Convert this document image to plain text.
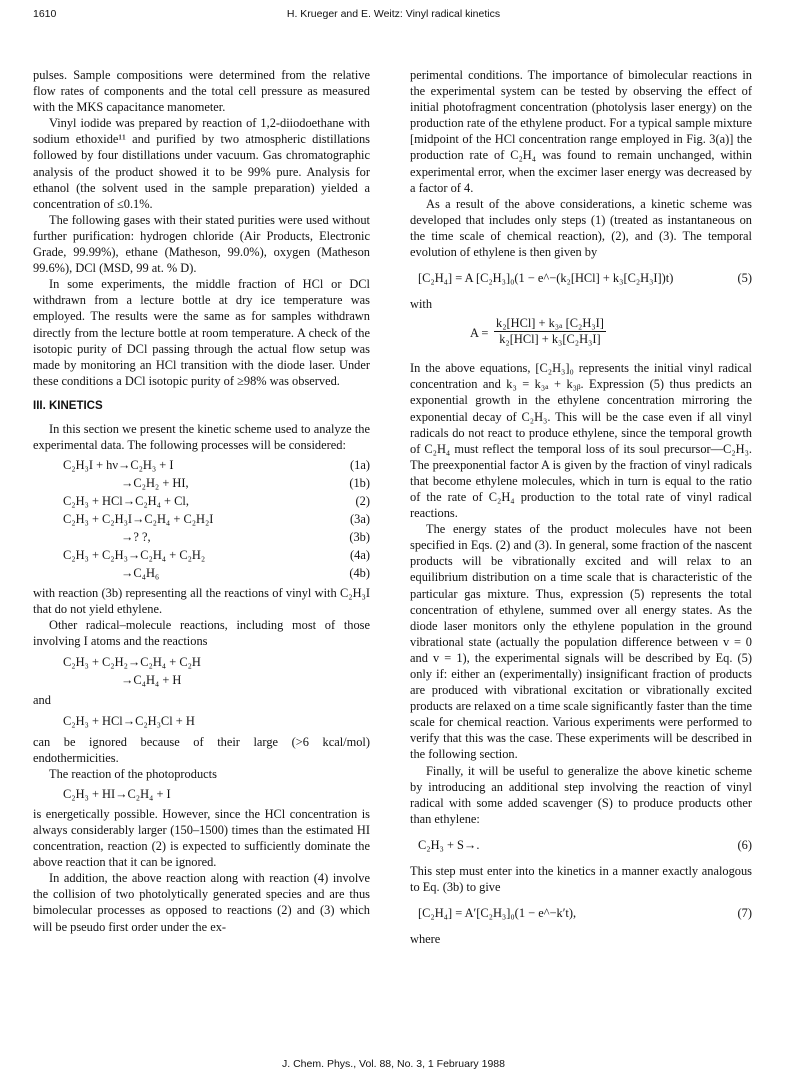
1610	H. Krueger and E. Weitz: Vinyl radical kinetics

pulses. Sample compositions were determined from the relative flow rates of components and the total cell pressure as measured with the MKS capacitance manometer.

Vinyl iodide was prepared by reaction of 1,2-diiodoethane with sodium ethoxide¹¹ and purified by two atmospheric distillations followed by four distillations under vacuum. Gas chromatographic analysis of the product showed it to be 99% pure. Analysis for ethanol (the solvent used in the sample preparation) yielded a concentration of ≤0.1%.

The following gases with their stated purities were used without further purification: hydrogen chloride (Air Products, Electronic Grade, 99.99%), ethane (Matheson, 99.0%), oxygen (Matheson 99.6%), DCl (MSD, 99 at. % D).

In some experiments, the middle fraction of HCl or DCl withdrawn from a lecture bottle at dry ice temperature was employed. The results were the same as for samples withdrawn directly from the lecture bottle at room temperature. A check of the isotopic purity of DCl passing through the actual flow setup was made by monitoring an HCl transition with the diode laser. Under these conditions a DCl isotopic purity of ≥98% was observed.

III. KINETICS

In this section we present the kinetic scheme used to analyze the experimental data. The following processes will be considered:

C₂H₃I + hν→C₂H₃ + I	(1a)
→C₂H₂ + HI,	(1b)
C₂H₃ + HCl→C₂H₄ + Cl,	(2)
C₂H₃ + C₂H₃I→C₂H₄ + C₂H₂I	(3a)
→? ?,	(3b)
C₂H₃ + C₂H₃→C₂H₄ + C₂H₂	(4a)
→C₄H₆	(4b)

with reaction (3b) representing all the reactions of vinyl with C₂H₃I that do not yield ethylene.

Other radical–molecule reactions, including most of those involving I atoms and the reactions

C₂H₃ + C₂H₂→C₂H₄ + C₂H
→C₄H₄ + H

and

C₂H₃ + HCl→C₂H₃Cl + H

can be ignored because of their large (>6 kcal/mol) endothermicities.

The reaction of the photoproducts

C₂H₃ + HI→C₂H₄ + I

is energetically possible. However, since the HCl concentration is always considerably larger (150–1500) times than the estimated HI concentration, reaction (2) is expected to sufficiently dominate the above reaction that it can be ignored.

In addition, the above reaction along with reaction (4) involve the collision of two photolytically generated species and are thus bimolecular processes as opposed to reactions (2) and (3) which will be pseudo first order under the ex-

perimental conditions. The importance of bimolecular reactions in the experimental system can be tested by observing the effect of initial photofragment concentration (photolysis laser energy) on the production rate of the ethylene product. For a typical sample mixture [midpoint of the HCl concentration range employed in Fig. 3(a)] the production rate of C₂H₄ was found to remain unchanged, within experimental error, when the excimer laser energy was decreased by a factor of 4.

As a result of the above considerations, a kinetic scheme was developed that includes only steps (1) (treated as instantaneous on the time scale of chemical reaction), (2), and (3). The temporal evolution of ethylene is then given by

[C₂H₄] = A [C₂H₃]₀(1 − e^−(k₂[HCl] + k₃[C₂H₃I])t)	(5)

with

A =
k₂[HCl] + k₃ₐ [C₂H₃I]
k₂[HCl] + k₃[C₂H₃I]

In the above equations, [C₂H₃]₀ represents the initial vinyl radical concentration and k₃ = k₃ₐ + k₃ᵦ. Expression (5) thus predicts an exponential growth in the ethylene concentration mirroring the exponential decay of C₂H₃. This will be the case even if all vinyl radicals do not react to produce ethylene, since the temporal growth of C₂H₄ must reflect the temporal loss of its soul precursor—C₂H₃. The preexponential factor A is given by the fraction of vinyl radicals that become ethylene molecules, which in turn is equal to the ratio of the rate of C₂H₄ production to the total rate of vinyl radical reactions.

The energy states of the product molecules have not been specified in Eqs. (2) and (3). In general, some fraction of the nascent products will be vibrationally excited and will relax to an equilibrium distribution on a time scale that is characteristic of the particular gas mixture. Thus, expression (5) represents the total concentration of ethylene, summed over all energy states. As the diode laser monitors only the ethylene population in the ground vibrational state (actually the population difference between v = 0 and v = 1), the experimental signals will be described by Eq. (5) only if: either an (experimentally) insignificant fraction of products are produced with vibrational excitation or vibrationally excited products are relaxed on a time scale significantly faster than the time scale for chemical reaction. Various experiments were performed to verify that this was the case. These experiments will be described in the following section.

Finally, it will be useful to generalize the above kinetic scheme by introducing an additional step involving the reaction of vinyl radical with some added scavenger (S) to produce products other than ethylene:

C₂H₃ + S→.	(6)

This step must enter into the kinetics in a manner exactly analogous to Eq. (3b) to give

[C₂H₄] = A′[C₂H₃]₀(1 − e^−k′t),	(7)

where

J. Chem. Phys., Vol. 88, No. 3, 1 February 1988
